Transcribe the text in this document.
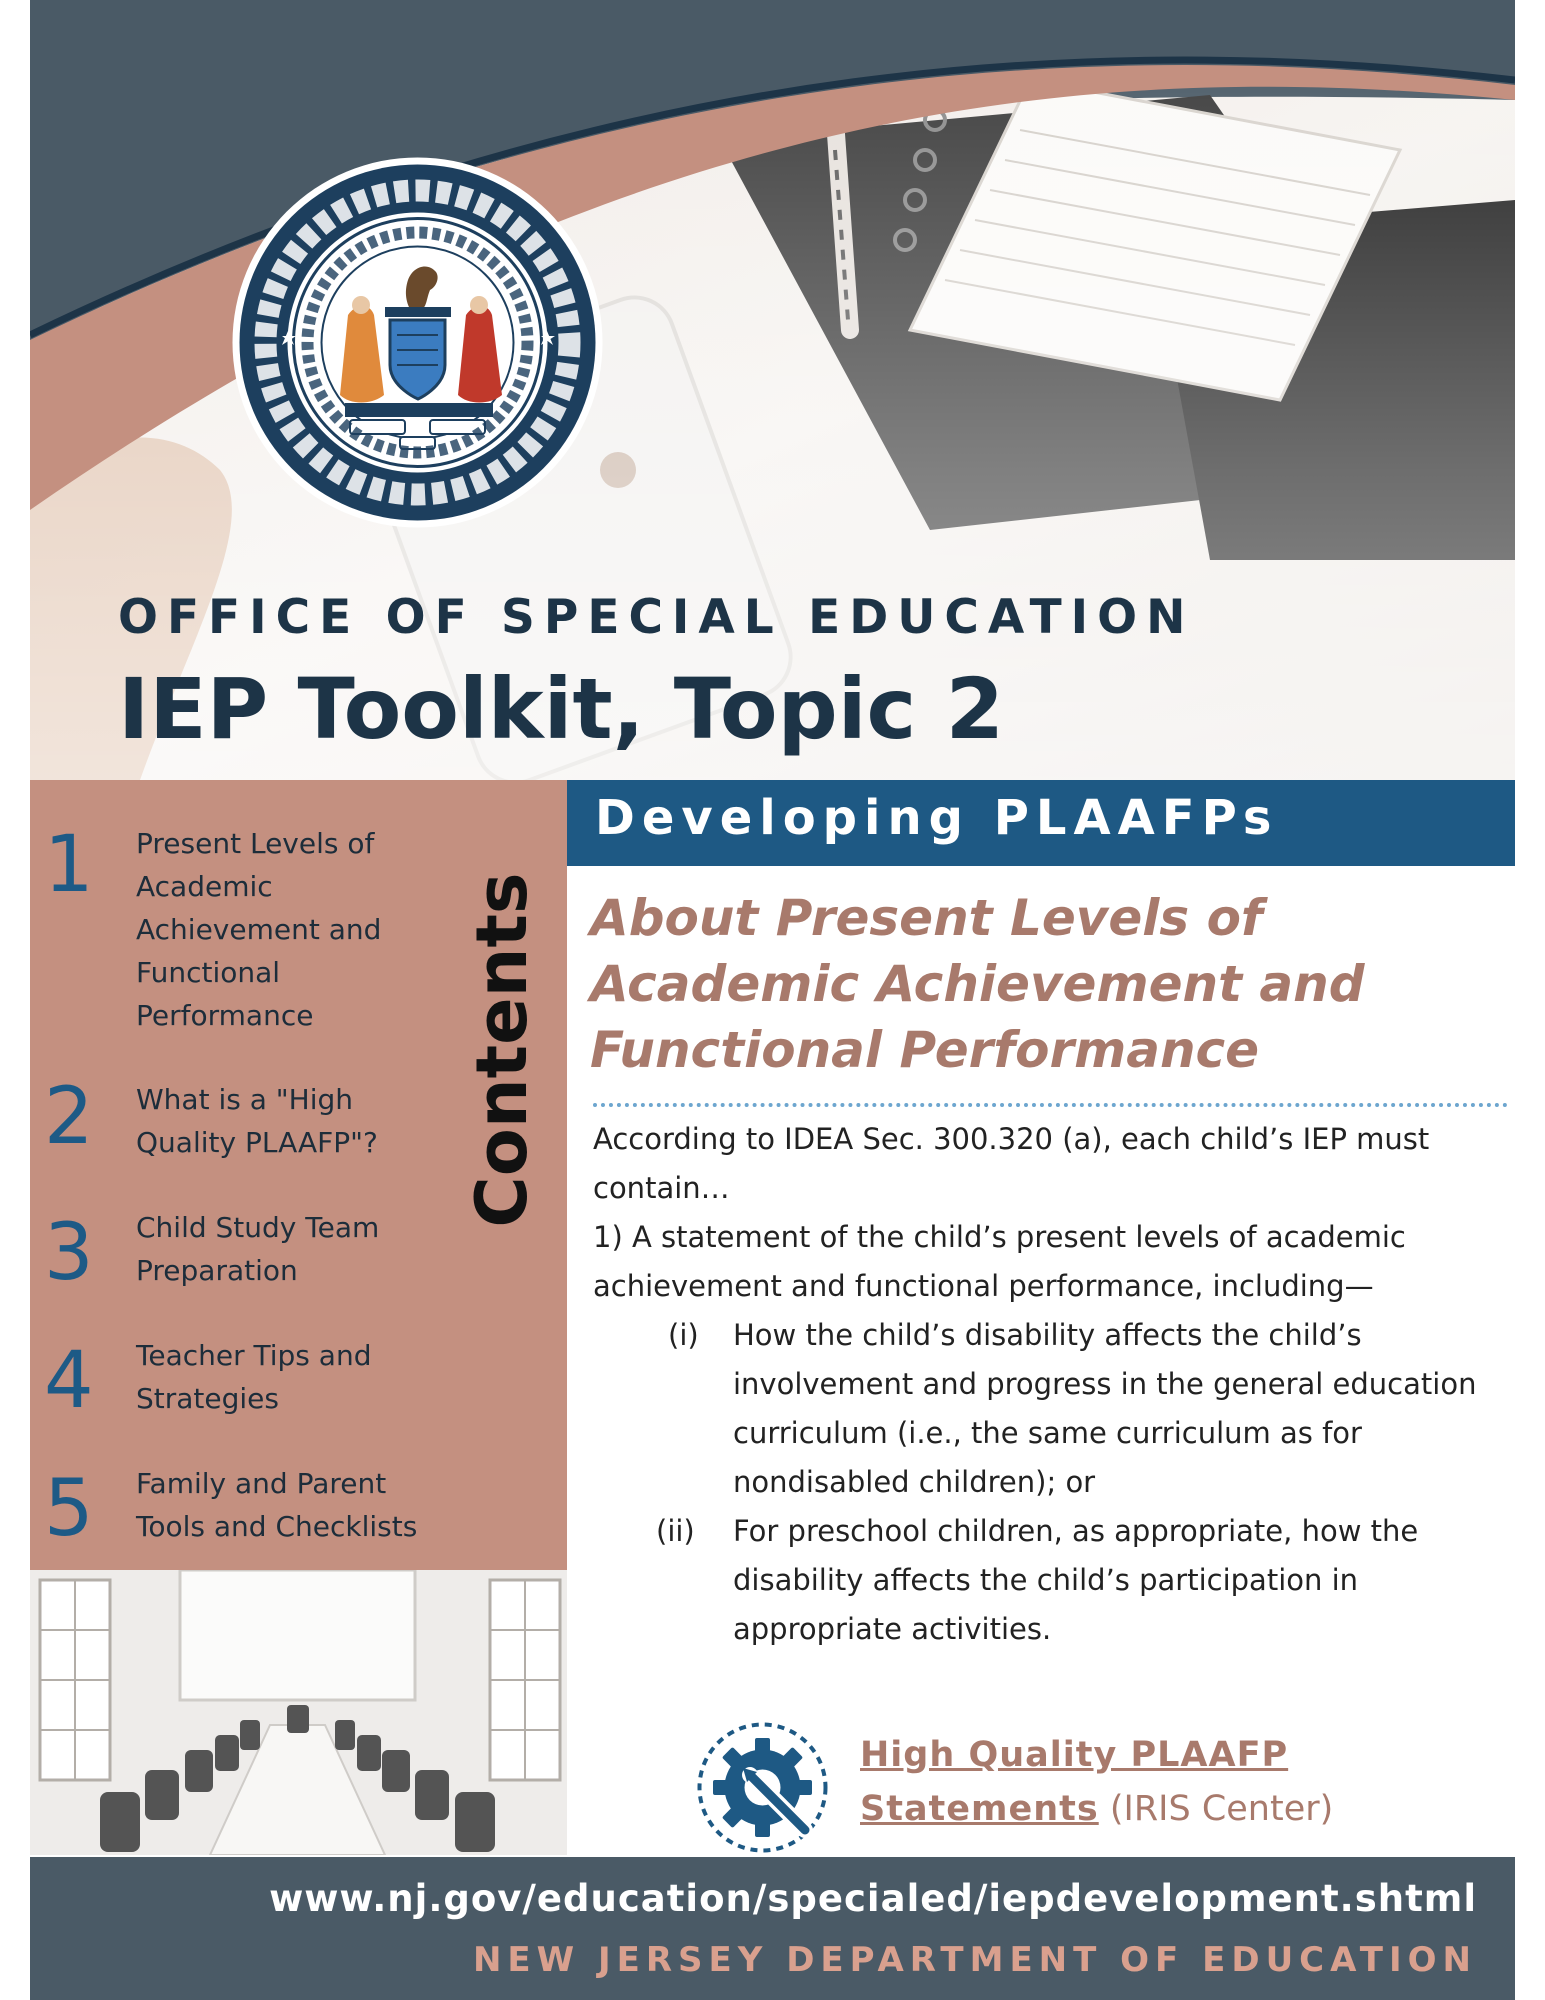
OFFICE OF SPECIAL EDUCATION
IEP Toolkit, Topic 2
1 Present Levels of Academic Achievement and Functional Performance
2 What is a "High Quality PLAAFP"?
3 Child Study Team Preparation
4 Teacher Tips and Strategies
5 Family and Parent Tools and Checklists
Contents
Developing PLAAFPs
About Present Levels of Academic Achievement and Functional Performance

According to IDEA Sec. 300.320 (a), each child’s IEP must contain…

1) A statement of the child’s present levels of academic achievement and functional performance, including—

(i) How the child’s disability affects the child’s involvement and progress in the general education curriculum (i.e., the same curriculum as for nondisabled children); or

(ii) For preschool children, as appropriate, how the disability affects the child’s participation in appropriate activities.

High Quality PLAAFP Statements (IRIS Center)
www.nj.gov/education/specialed/iepdevelopment.shtml
NEW JERSEY DEPARTMENT OF EDUCATION
